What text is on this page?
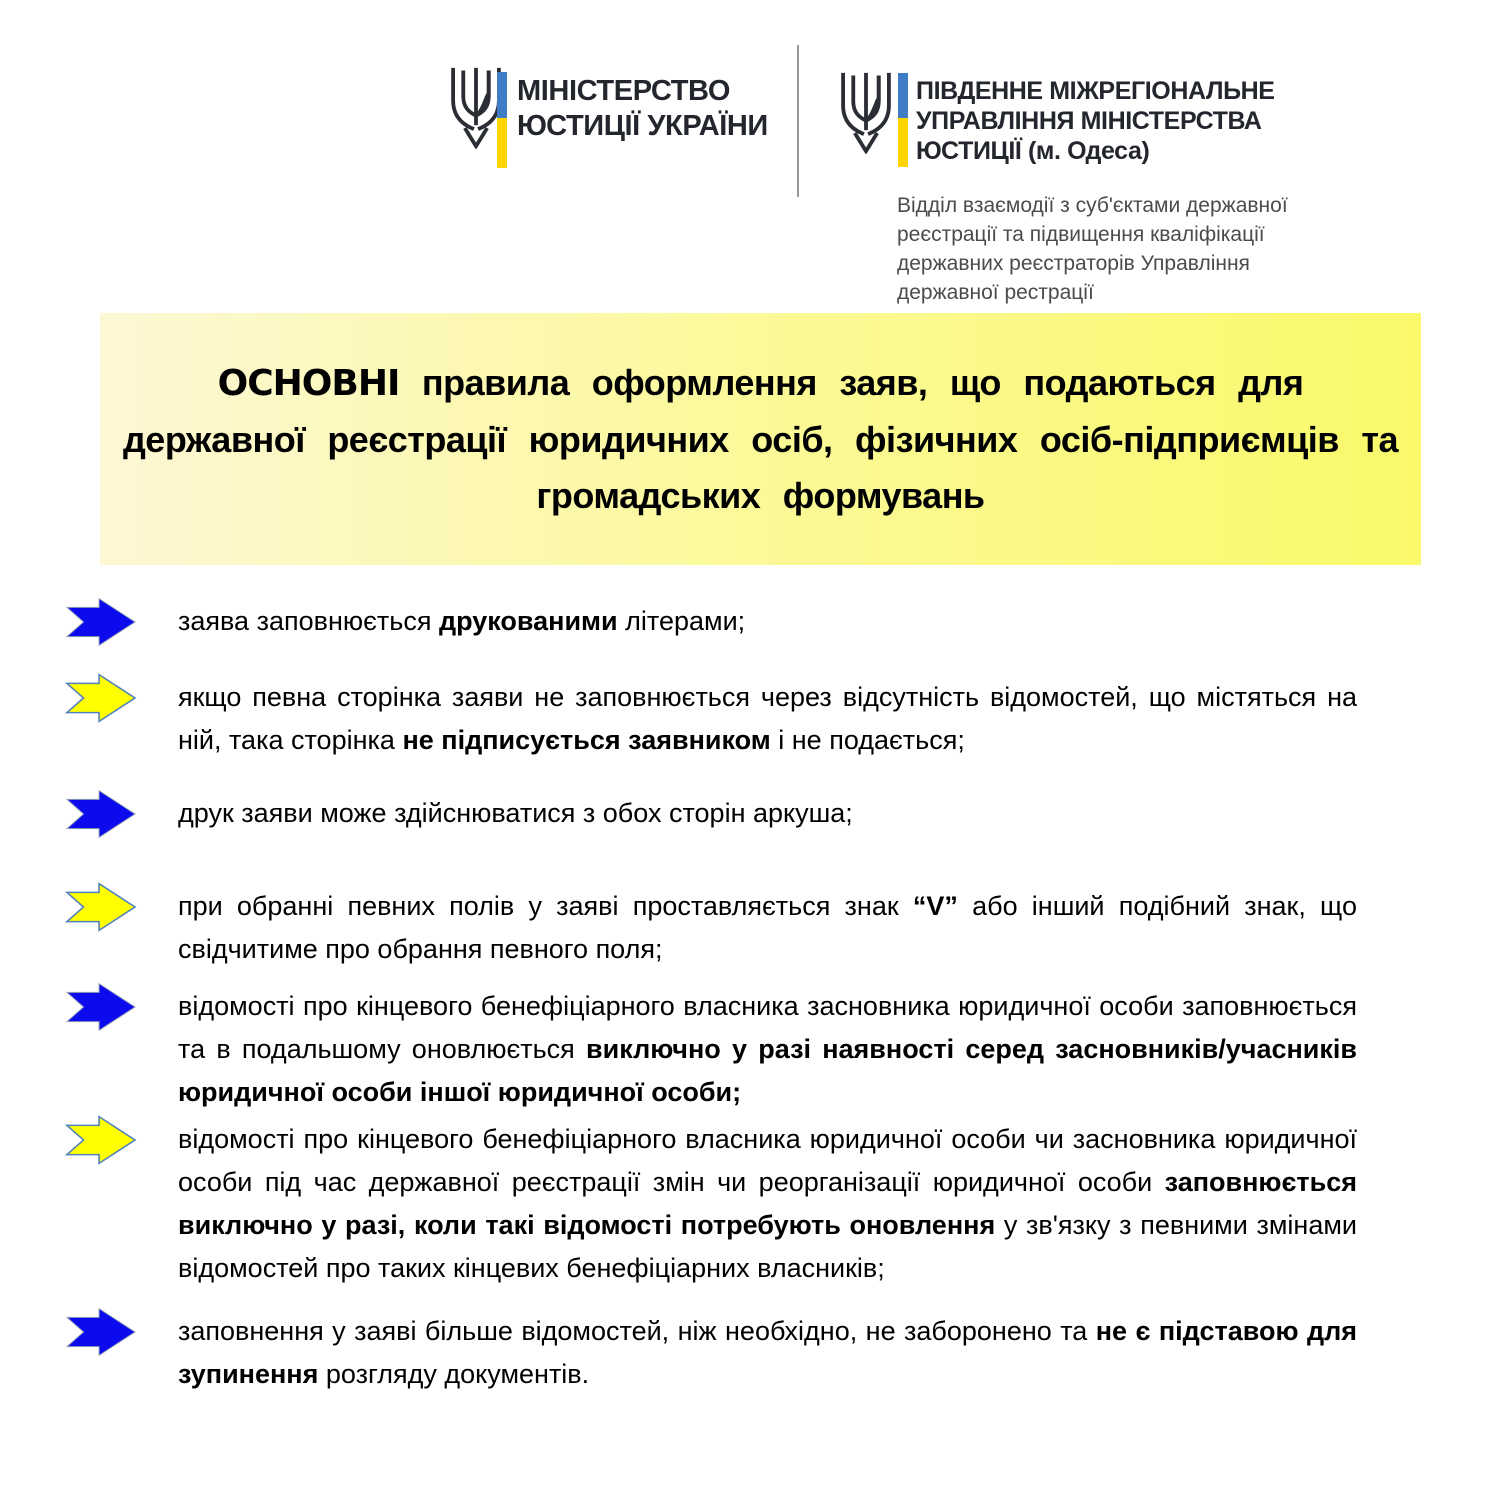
МІНІСТЕРСТВО
ЮСТИЦІЇ УКРАЇНИ
ПІВДЕННЕ МІЖРЕГІОНАЛЬНЕ
УПРАВЛІННЯ МІНІСТЕРСТВА
ЮСТИЦІЇ (м. Одеса)

Відділ взаємодії з суб'єктами державної реєстрації та підвищення кваліфікації державних реєстраторів Управління державної рестрації

ОСНОВНІ правила оформлення заяв, що подаються для державної реєстрації юридичних осіб, фізичних осіб-підприємців та громадських формувань

заява заповнюється друкованими літерами;

якщо певна сторінка заяви не заповнюється через відсутність відомостей, що містяться на ній, така сторінка не підписується заявником і не подається;

друк заяви може здійснюватися з обох сторін аркуша;

при обранні певних полів у заяві проставляється знак “V” або інший подібний знак, що свідчитиме про обрання певного поля;

відомості про кінцевого бенефіціарного власника засновника юридичної особи заповнюється та в подальшому оновлюється виключно у разі наявності серед засновників/учасників юридичної особи іншої юридичної особи;

відомості про кінцевого бенефіціарного власника юридичної особи чи засновника юридичної особи під час державної реєстрації змін чи реорганізації юридичної особи заповнюється виключно у разі, коли такі відомості потребують оновлення у зв'язку з певними змінами відомостей про таких кінцевих бенефіціарних власників;

заповнення у заяві більше відомостей, ніж необхідно, не заборонено та не є підставою для зупинення розгляду документів.
